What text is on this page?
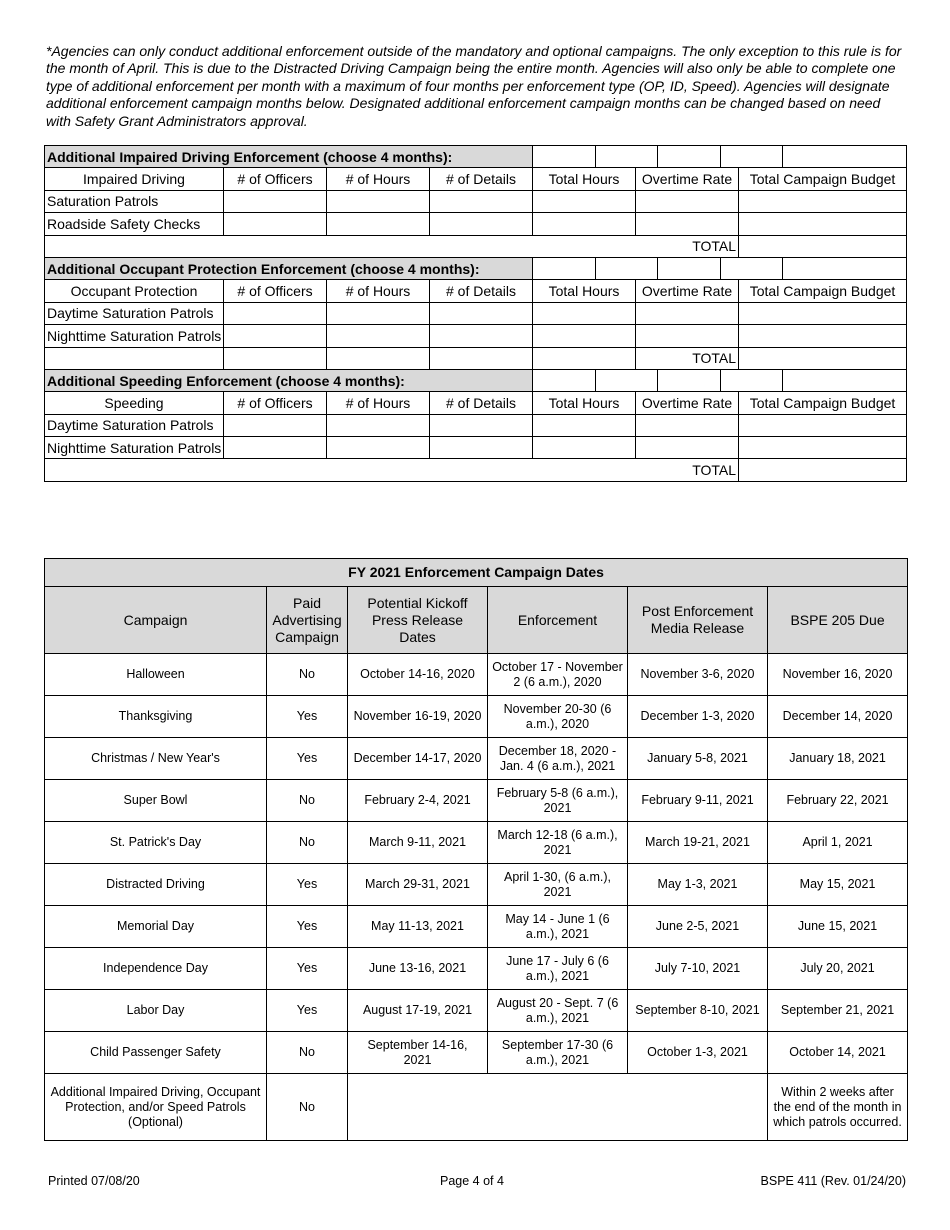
*Agencies can only conduct additional enforcement outside of the mandatory and optional campaigns. The only exception to this rule is for the month of April. This is due to the Distracted Driving Campaign being the entire month. Agencies will also only be able to complete one type of additional enforcement per month with a maximum of four months per enforcement type (OP, ID, Speed). Agencies will designate additional enforcement campaign months below. Designated additional enforcement campaign months can be changed based on need with Safety Grant Administrators approval.

Additional Impaired Driving Enforcement (choose 4 months):						

Impaired Driving	# of Officers	# of Hours	# of Details	Total Hours	Overtime Rate	Total Campaign Budget
Saturation Patrols						
Roadside Safety Checks						
TOTAL						
Additional Occupant Protection Enforcement (choose 4 months):						

Occupant Protection	# of Officers	# of Hours	# of Details	Total Hours	Overtime Rate	Total Campaign Budget
Daytime Saturation Patrols						
Nighttime Saturation Patrols						
					TOTAL	
Additional Speeding Enforcement (choose 4 months):						

Speeding	# of Officers	# of Hours	# of Details	Total Hours	Overtime Rate	Total Campaign Budget
Daytime Saturation Patrols						
Nighttime Saturation Patrols						
TOTAL						
FY 2021 Enforcement Campaign Dates					
Campaign	Paid Advertising Campaign	Potential Kickoff Press Release Dates	Enforcement	Post Enforcement Media Release	BSPE 205 Due
Halloween	No	October 14-16, 2020	October 17 - November 2 (6 a.m.), 2020	November 3-6, 2020	November 16, 2020
Thanksgiving	Yes	November 16-19, 2020	November 20-30 (6 a.m.), 2020	December 1-3, 2020	December 14, 2020
Christmas / New Year's	Yes	December 14-17, 2020	December 18, 2020 - Jan. 4 (6 a.m.), 2021	January 5-8, 2021	January 18, 2021
Super Bowl	No	February 2-4, 2021	February 5-8 (6 a.m.), 2021	February 9-11, 2021	February 22, 2021
St. Patrick's Day	No	March 9-11, 2021	March 12-18 (6 a.m.), 2021	March 19-21, 2021	April 1, 2021
Distracted Driving	Yes	March 29-31, 2021	April 1-30, (6 a.m.), 2021	May 1-3, 2021	May 15, 2021
Memorial Day	Yes	May 11-13, 2021	May 14 - June 1 (6 a.m.), 2021	June 2-5, 2021	June 15, 2021
Independence Day	Yes	June 13-16, 2021	June 17 - July 6 (6 a.m.), 2021	July 7-10, 2021	July 20, 2021
Labor Day	Yes	August 17-19, 2021	August 20 - Sept. 7 (6 a.m.), 2021	September 8-10, 2021	September 21, 2021
Child Passenger Safety	No	September 14-16, 2021	September 17-30 (6 a.m.), 2021	October 1-3, 2021	October 14, 2021
Additional Impaired Driving, Occupant Protection, and/or Speed Patrols (Optional)	No				Within 2 weeks after the end of the month in which patrols occurred.
Printed 07/08/20	Page 4 of 4	BSPE 411 (Rev. 01/24/20)
